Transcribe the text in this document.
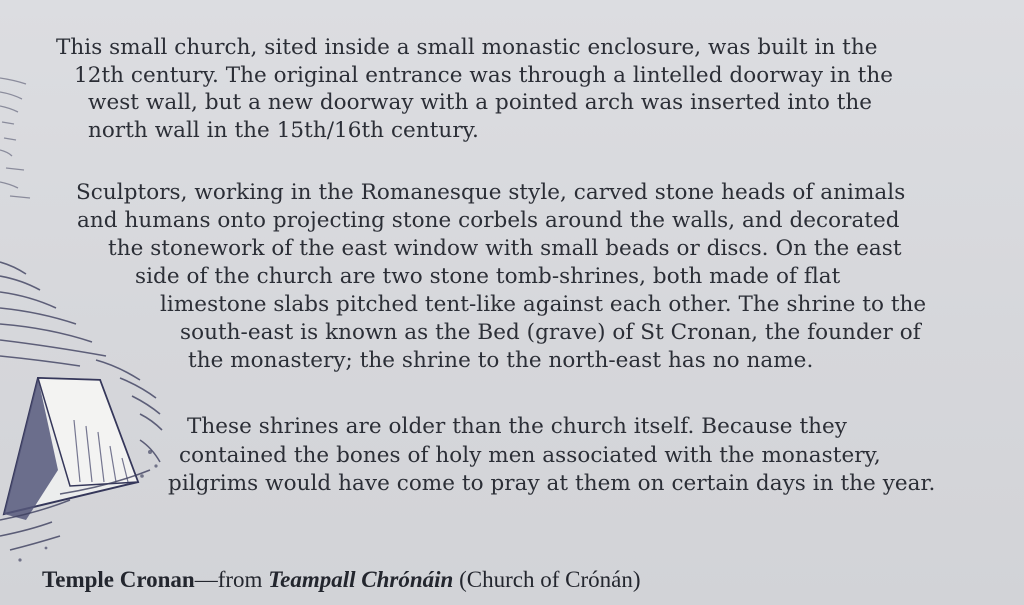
This small church, sited inside a small monastic enclosure, was built in the
12th century. The original entrance was through a lintelled doorway in the
west wall, but a new doorway with a pointed arch was inserted into the
north wall in the 15th/16th century.
Sculptors, working in the Romanesque style, carved stone heads of animals
and humans onto projecting stone corbels around the walls, and decorated
the stonework of the east window with small beads or discs. On the east
side of the church are two stone tomb-shrines, both made of flat
limestone slabs pitched tent-like against each other. The shrine to the
south-east is known as the Bed (grave) of St Cronan, the founder of
the monastery; the shrine to the north-east has no name.
These shrines are older than the church itself. Because they
contained the bones of holy men associated with the monastery,
pilgrims would have come to pray at them on certain days in the year.
Temple Cronan—from Teampall Chrónáin (Church of Crónán)
